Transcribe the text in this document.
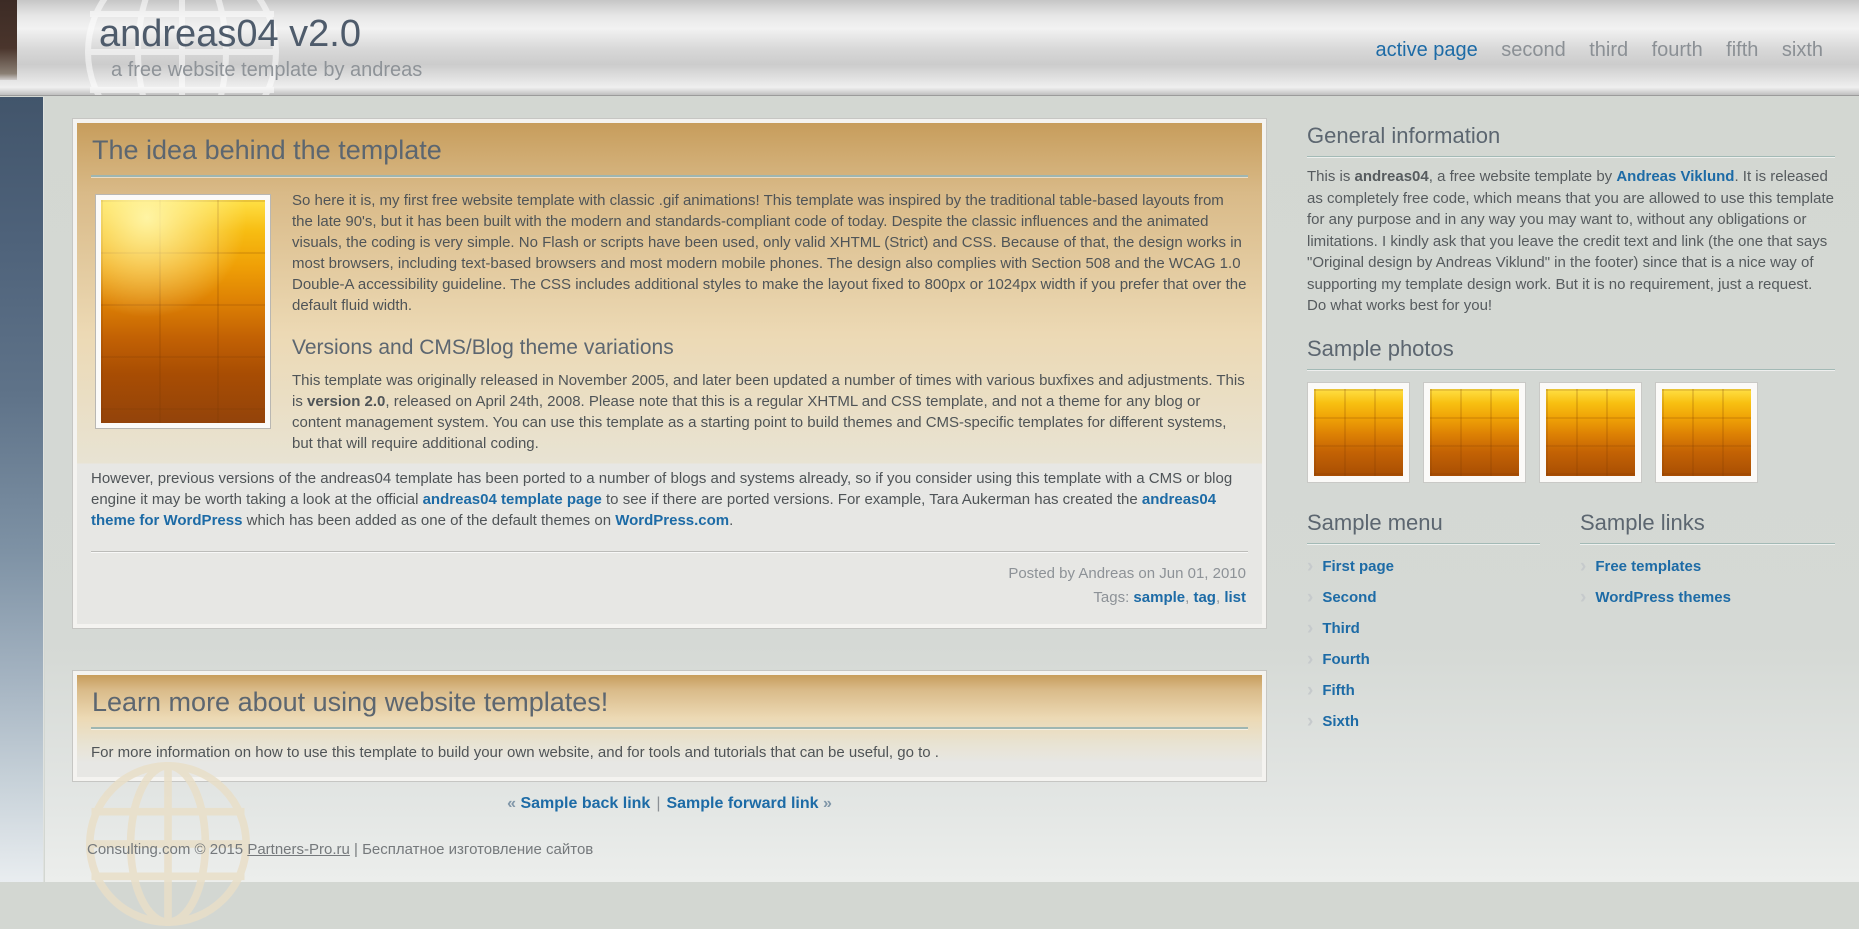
andreas04 v2.0
a free website template by andreas
active page second third fourth fifth sixth
The idea behind the template

So here it is, my first free website template with classic .gif animations! This template was inspired by the traditional table-based layouts from the late 90's, but it has been built with the modern and standards-compliant code of today. Despite the classic influences and the animated visuals, the coding is very simple. No Flash or scripts have been used, only valid XHTML (Strict) and CSS. Because of that, the design works in most browsers, including text-based browsers and most modern mobile phones. The design also complies with Section 508 and the WCAG 1.0 Double-A accessibility guideline. The CSS includes additional styles to make the layout fixed to 800px or 1024px width if you prefer that over the default fluid width.

Versions and CMS/Blog theme variations

This template was originally released in November 2005, and later been updated a number of times with various buxfixes and adjustments. This is version 2.0, released on April 24th, 2008. Please note that this is a regular XHTML and CSS template, and not a theme for any blog or content management system. You can use this template as a starting point to build themes and CMS-specific templates for different systems, but that will require additional coding.

However, previous versions of the andreas04 template has been ported to a number of blogs and systems already, so if you consider using this template with a CMS or blog engine it may be worth taking a look at the official andreas04 template page to see if there are ported versions. For example, Tara Aukerman has created the andreas04 theme for WordPress which has been added as one of the default themes on WordPress.com.

Posted by Andreas on Jun 01, 2010
Tags: sample, tag, list
Learn more about using website templates!

For more information on how to use this template to build your own website, and for tools and tutorials that can be useful, go to .

« Sample back link | Sample forward link »
Consulting.com © 2015 Partners-Pro.ru | Бесплатное изготовление сайтов
General information

This is andreas04, a free website template by Andreas Viklund. It is released as completely free code, which means that you are allowed to use this template for any purpose and in any way you may want to, without any obligations or limitations. I kindly ask that you leave the credit text and link (the one that says "Original design by Andreas Viklund" in the footer) since that is a nice way of supporting my template design work. But it is no requirement, just a request. Do what works best for you!

Sample photos
Sample menu
› First page
› Second
› Third
› Fourth
› Fifth
› Sixth
Sample links
› Free templates
› WordPress themes
